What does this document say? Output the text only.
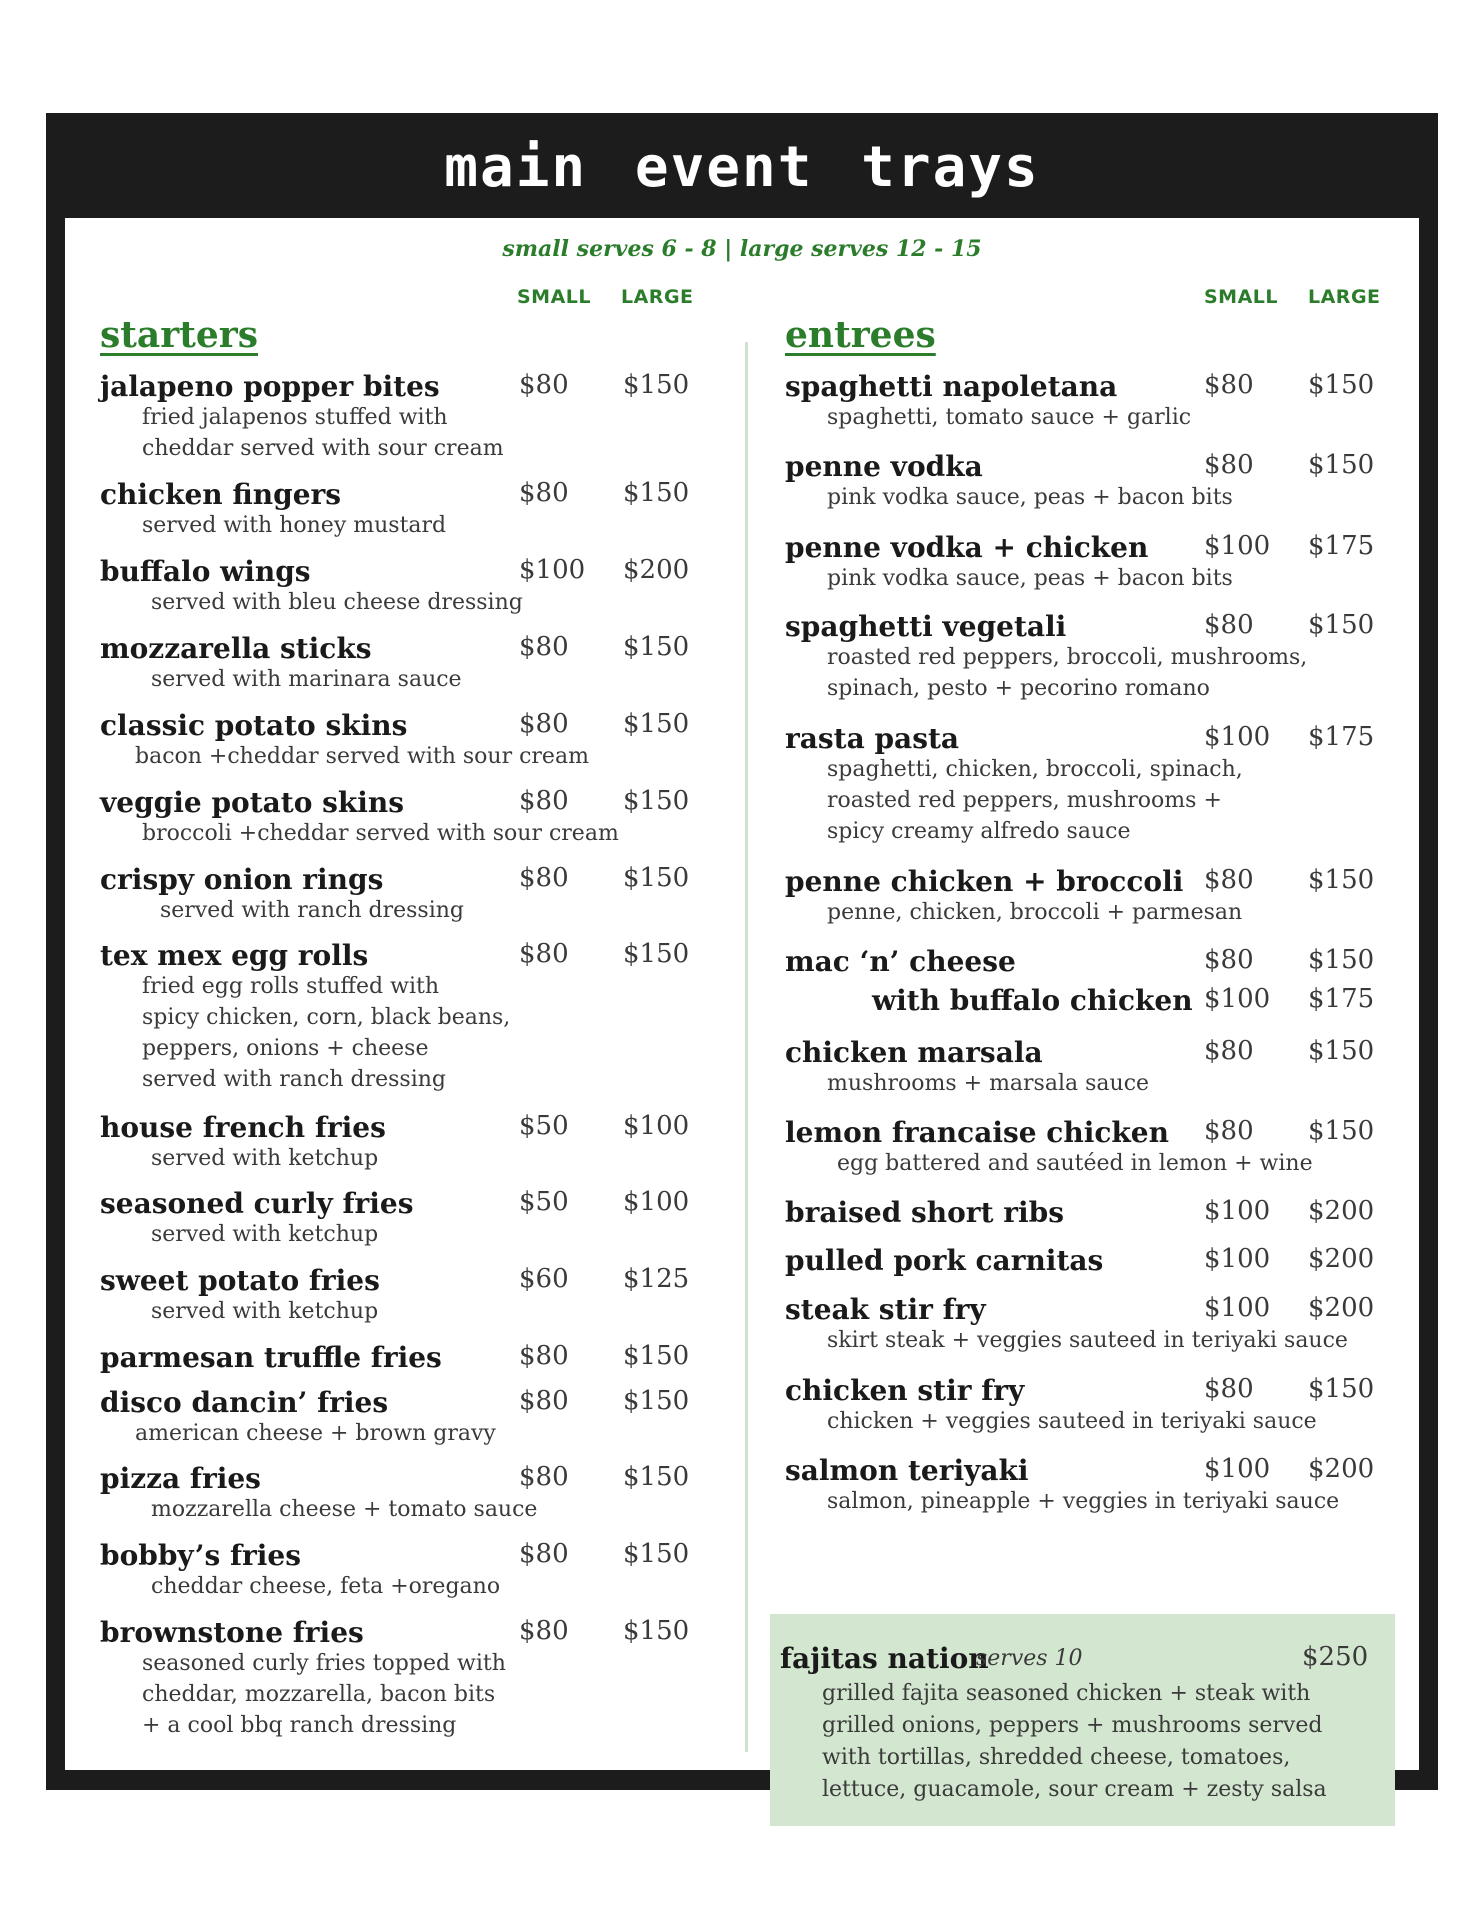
main event trays
small serves 6 - 8 | large serves 12 - 15
SMALL LARGE	SMALL LARGE
starters	entrees
jalapeno popper bites	$80 $150
fried jalapenos stuffed with
cheddar served with sour cream
chicken fingers	$80 $150
served with honey mustard
buffalo wings	$100 $200
served with bleu cheese dressing
mozzarella sticks	$80 $150
served with marinara sauce
classic potato skins	$80 $150
bacon +cheddar served with sour cream
veggie potato skins	$80 $150
broccoli +cheddar served with sour cream
crispy onion rings	$80 $150
served with ranch dressing
tex mex egg rolls	$80 $150
fried egg rolls stuffed with
spicy chicken, corn, black beans,
peppers, onions + cheese
served with ranch dressing
house french fries	$50 $100
served with ketchup
seasoned curly fries	$50 $100
served with ketchup
sweet potato fries	$60 $125
served with ketchup
parmesan truffle fries	$80 $150
disco dancin’ fries	$80 $150
american cheese + brown gravy
pizza fries	$80 $150
mozzarella cheese + tomato sauce
bobby’s fries	$80 $150
cheddar cheese, feta +oregano
brownstone fries	$80 $150
seasoned curly fries topped with
cheddar, mozzarella, bacon bits
+ a cool bbq ranch dressing
spaghetti napoletana	$80 $150
spaghetti, tomato sauce + garlic
penne vodka	$80 $150
pink vodka sauce, peas + bacon bits
penne vodka + chicken $100 $175
pink vodka sauce, peas + bacon bits
spaghetti vegetali	$80 $150
roasted red peppers, broccoli, mushrooms,
spinach, pesto + pecorino romano
rasta pasta	$100 $175
spaghetti, chicken, broccoli, spinach,
roasted red peppers, mushrooms +
spicy creamy alfredo sauce
penne chicken + broccoli $80 $150
penne, chicken, broccoli + parmesan
mac ‘n’ cheese	$80 $150
with buffalo chicken $100 $175
chicken marsala	$80 $150
mushrooms + marsala sauce
lemon francaise chicken $80 $150
egg battered and sautéed in lemon + wine
braised short ribs	$100 $200
pulled pork carnitas	$100 $200
steak stir fry	$100 $200
skirt steak + veggies sauteed in teriyaki sauce
chicken stir fry	$80 $150
chicken + veggies sauteed in teriyaki sauce
salmon teriyaki	$100 $200
salmon, pineapple + veggies in teriyaki sauce
fajitas nation
serves 10	$250
grilled fajita seasoned chicken + steak with
grilled onions, peppers + mushrooms served
with tortillas, shredded cheese, tomatoes,
lettuce, guacamole, sour cream + zesty salsa
